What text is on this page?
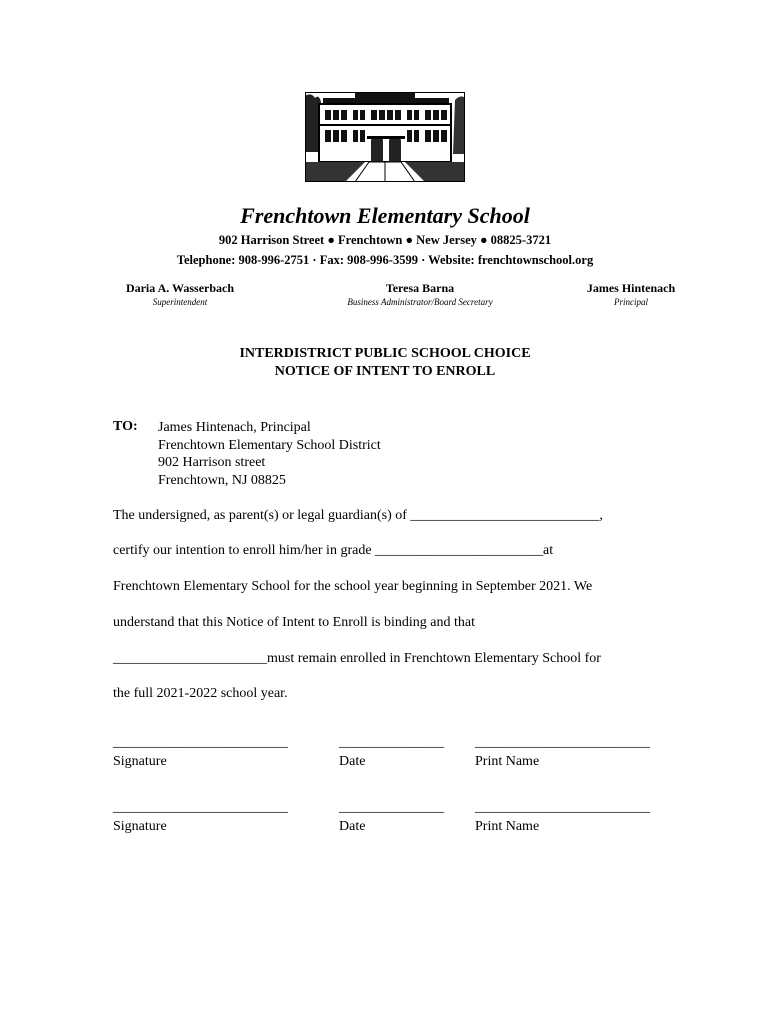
Frenchtown Elementary School
902 Harrison Street ● Frenchtown ● New Jersey ● 08825-3721
Telephone: 908-996-2751 · Fax: 908-996-3599 · Website: frenchtownschool.org
Daria A. Wasserbach
Superintendent
Teresa Barna
Business Administrator/Board Secretary
James Hintenach
Principal
INTERDISTRICT PUBLIC SCHOOL CHOICE
NOTICE OF INTENT TO ENROLL
TO: James Hintenach, Principal
Frenchtown Elementary School District
902 Harrison street
Frenchtown, NJ 08825
The undersigned, as parent(s) or legal guardian(s) of ___________________________,
certify our intention to enroll him/her in grade ________________________at
Frenchtown Elementary School for the school year beginning in September 2021. We
understand that this Notice of Intent to Enroll is binding and that
______________________must remain enrolled in Frenchtown Elementary School for
the full 2021-2022 school year.
_________________________	_______________ _________________________
Signature	Date	Print Name
_________________________	_______________ _________________________
Signature	Date	Print Name
